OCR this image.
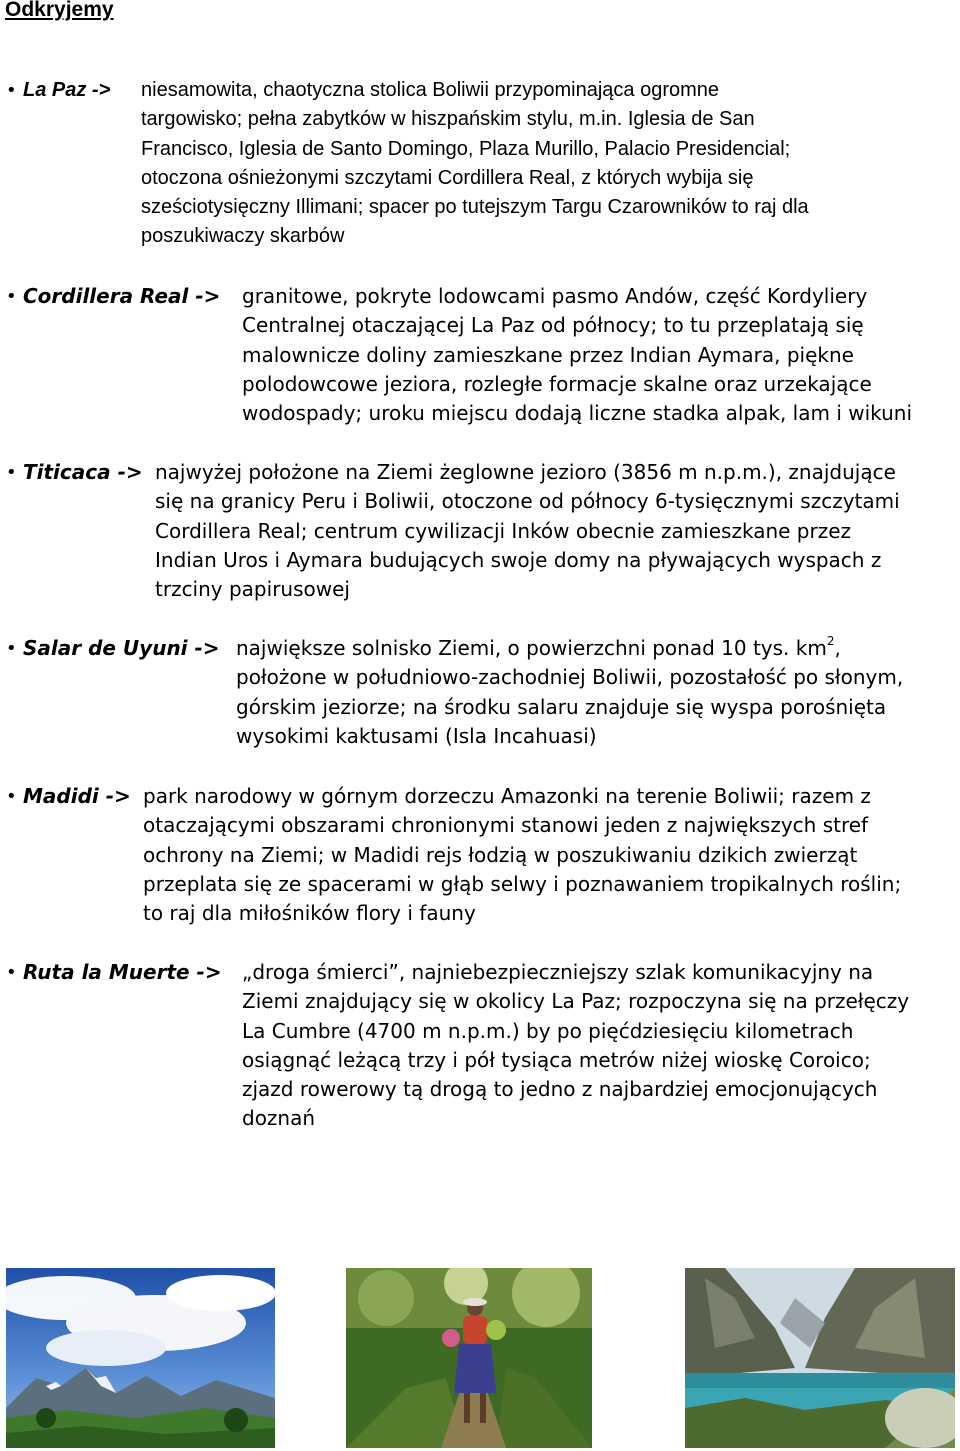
Odkryjemy
• La Paz -> niesamowita, chaotyczna stolica Boliwii przypominająca ogromne
targowisko; pełna zabytków w hiszpańskim stylu, m.in. Iglesia de San
Francisco, Iglesia de Santo Domingo, Plaza Murillo, Palacio Presidencial;
otoczona ośnieżonymi szczytami Cordillera Real, z których wybija się
sześciotysięczny Illimani; spacer po tutejszym Targu Czarowników to raj dla
poszukiwaczy skarbów
• Cordillera Real -> granitowe, pokryte lodowcami pasmo Andów, część Kordyliery
Centralnej otaczającej La Paz od północy; to tu przeplatają się
malownicze doliny zamieszkane przez Indian Aymara, piękne
polodowcowe jeziora, rozległe formacje skalne oraz urzekające
wodospady; uroku miejscu dodają liczne stadka alpak, lam i wikuni
• Titicaca -> najwyżej położone na Ziemi żeglowne jezioro (3856 m n.p.m.), znajdujące
się na granicy Peru i Boliwii, otoczone od północy 6-tysięcznymi szczytami
Cordillera Real; centrum cywilizacji Inków obecnie zamieszkane przez
Indian Uros i Aymara budujących swoje domy na pływających wyspach z
trzciny papirusowej
• Salar de Uyuni -> największe solnisko Ziemi, o powierzchni ponad 10 tys. $km^2$,
położone w południowo-zachodniej Boliwii, pozostałość po słonym,
górskim jeziorze; na środku salaru znajduje się wyspa porośnięta
wysokimi kaktusami (Isla Incahuasi)
• Madidi -> park narodowy w górnym dorzeczu Amazonki na terenie Boliwii; razem z
otaczającymi obszarami chronionymi stanowi jeden z największych stref
ochrony na Ziemi; w Madidi rejs łodzią w poszukiwaniu dzikich zwierząt
przeplata się ze spacerami w głąb selwy i poznawaniem tropikalnych roślin;
to raj dla miłośników flory i fauny
• Ruta la Muerte -> „droga śmierci”, najniebezpieczniejszy szlak komunikacyjny na
Ziemi znajdujący się w okolicy La Paz; rozpoczyna się na przełęczy
La Cumbre (4700 m n.p.m.) by po pięćdziesięciu kilometrach
osiągnąć leżącą trzy i pół tysiąca metrów niżej wioskę Coroico;
zjazd rowerowy tą drogą to jedno z najbardziej emocjonujących
doznań
